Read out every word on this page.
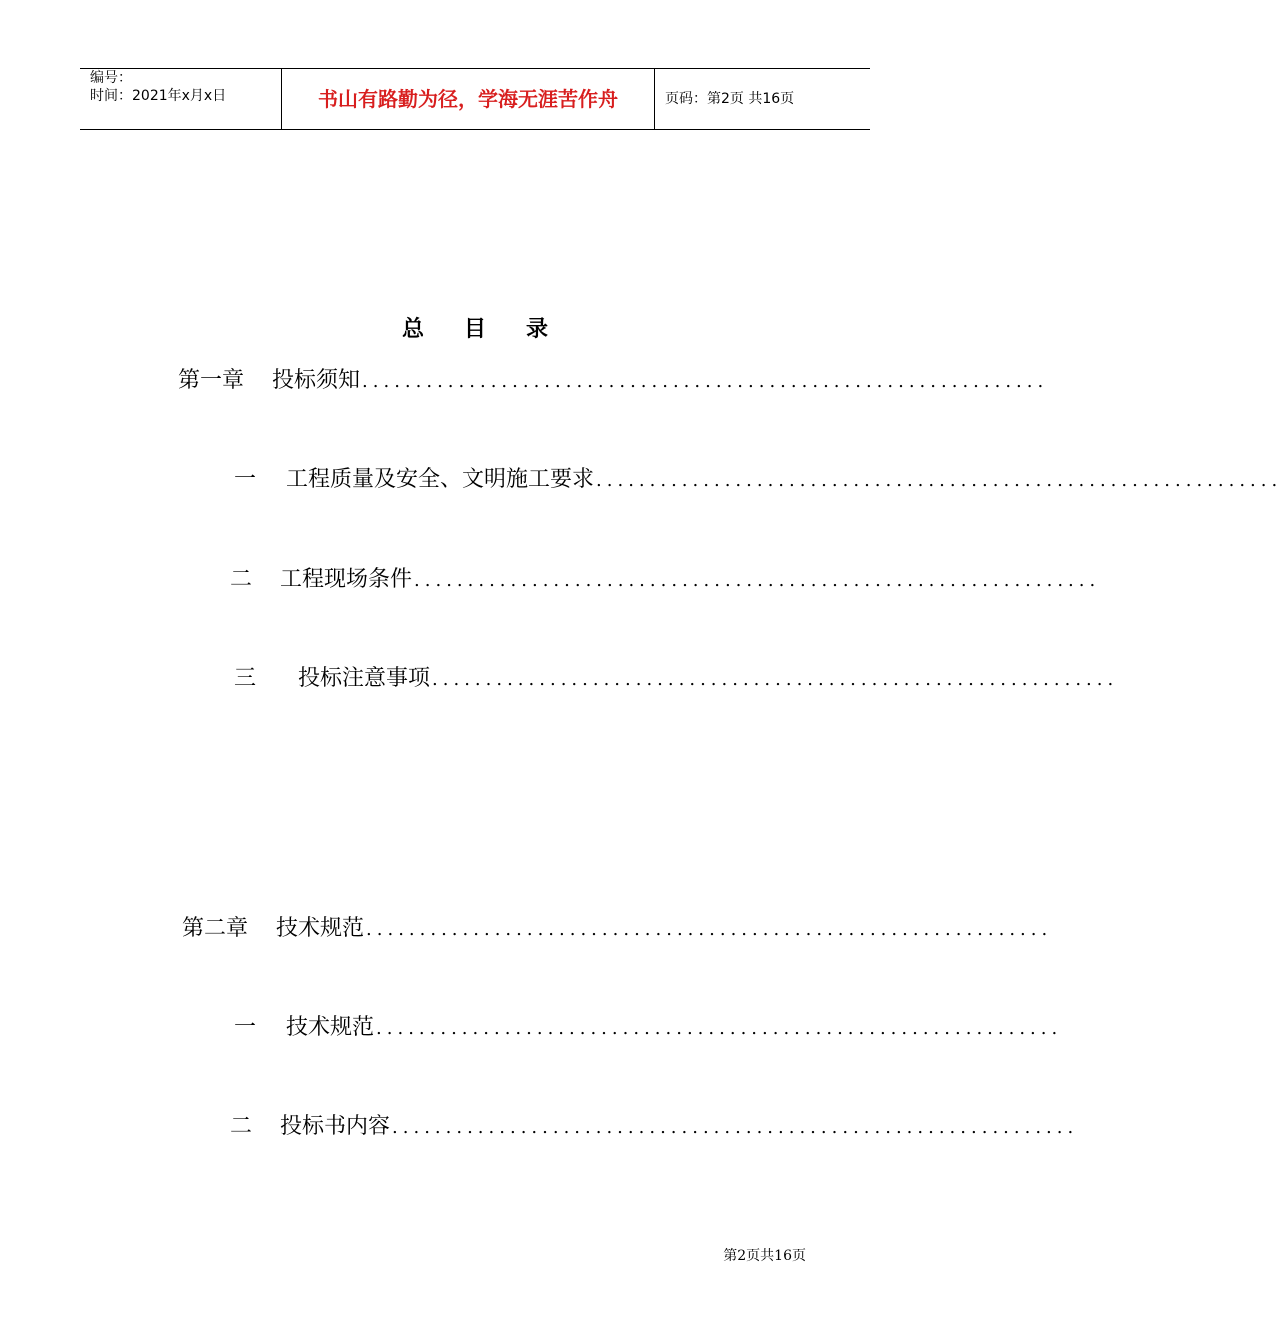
编号：
时间：2021年x月x日	书山有路勤为径，学海无涯苦作舟	页码：第2页 共16页
总目录
第一章 投标须知 ................................................................
一 工程质量及安全、文明施工要求 ................................................................
二 工程现场条件 ................................................................
三 投标注意事项 ................................................................
第二章 技术规范 ................................................................
一 技术规范 ................................................................
二 投标书内容 ................................................................
第2页共16页
